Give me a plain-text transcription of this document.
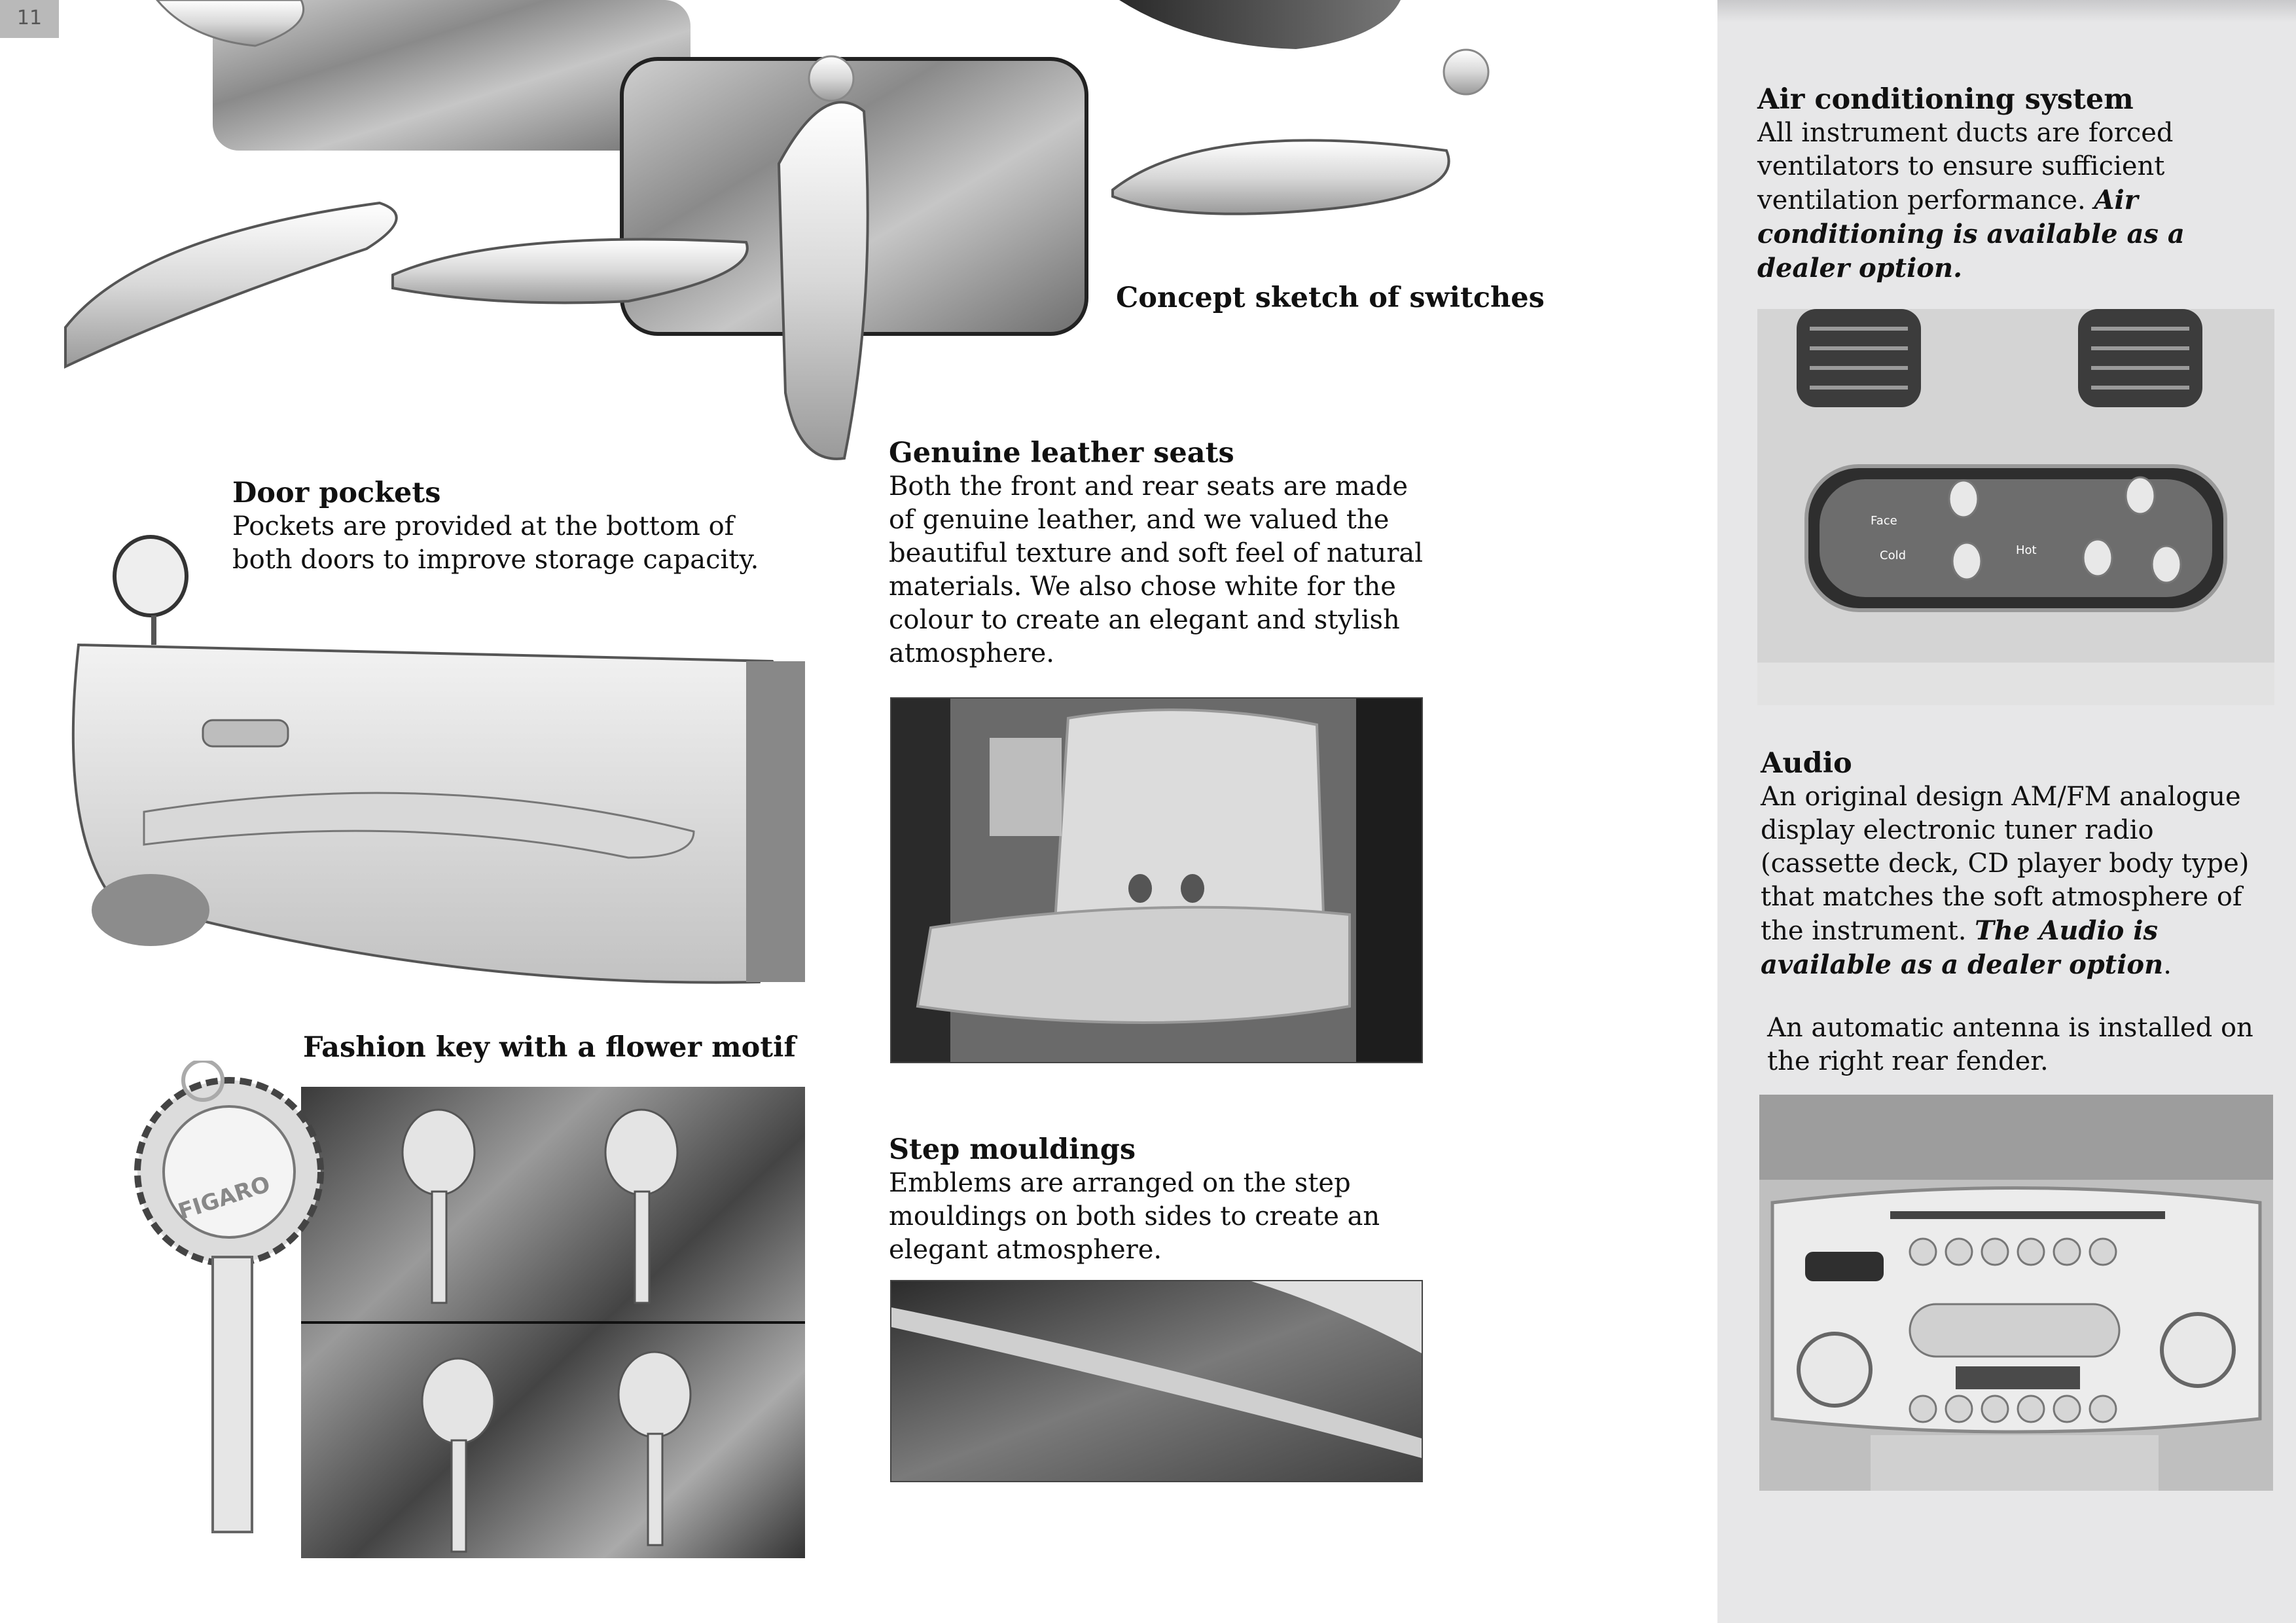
11
Concept sketch of switches
Door pockets
Pockets are provided at the bottom of both doors to improve storage capacity.
Fashion key with a flower motif
FIGARO
Genuine leather seats
Both the front and rear seats are made of genuine leather, and we valued the beautiful texture and soft feel of natural materials. We also chose white for the colour to create an elegant and stylish atmosphere.
Step mouldings
Emblems are arranged on the step mouldings on both sides to create an elegant atmosphere.
Air conditioning system
All instrument ducts are forced ventilators to ensure sufficient ventilation performance. Air conditioning is available as a dealer option.
Face
Cold	Hot
Audio
An original design AM/FM analogue display electronic tuner radio (cassette deck, CD player body type) that matches the soft atmosphere of the instrument. The Audio is available as a dealer option.
An automatic antenna is installed on the right rear fender.
